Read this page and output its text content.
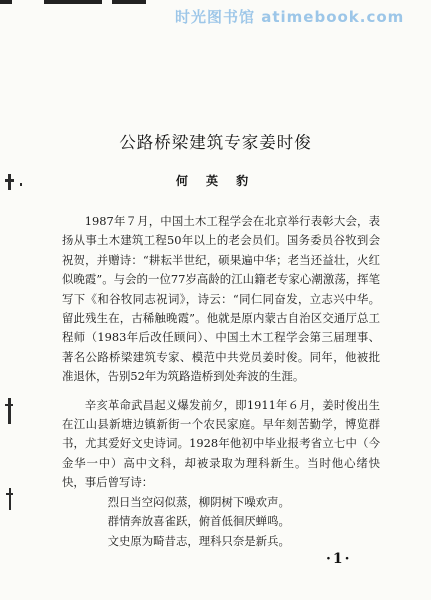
时光图书馆 atimebook.com
公路桥梁建筑专家姜时俊
何 英 豹

1987年７月，中国土木工程学会在北京举行表彰大会，表扬从事土木建筑工程50年以上的老会员们。国务委员谷牧到会祝贺，并赠诗：“耕耘半世纪，硕果遍中华；老当还益壮，火红似晚霞”。与会的一位77岁高龄的江山籍老专家心潮激荡，挥笔写下《和谷牧同志祝词》，诗云：“同仁同奋发，立志兴中华。留此残生在，古稀触晚霞”。他就是原内蒙古自治区交通厅总工程师（1983年后改任顾问）、中国土木工程学会第三届理事、著名公路桥梁建筑专家、模范中共党员姜时俊。同年，他被批准退休，告别52年为筑路造桥到处奔波的生涯。

辛亥革命武昌起义爆发前夕，即1911年６月，姜时俊出生在江山县新塘边镇新街一个农民家庭。早年刻苦勤学，博览群书，尤其爱好文史诗词。1928年他初中毕业报考省立七中（今金华一中）高中文科，却被录取为理科新生。当时他心绪快快，事后曾写诗：

烈日当空闷似蒸，柳阴树下噪欢声。

群情奔放喜雀跃，俯首低徊厌蝉鸣。

文史原为畸昔志，理科只奈是新兵。

·1·
